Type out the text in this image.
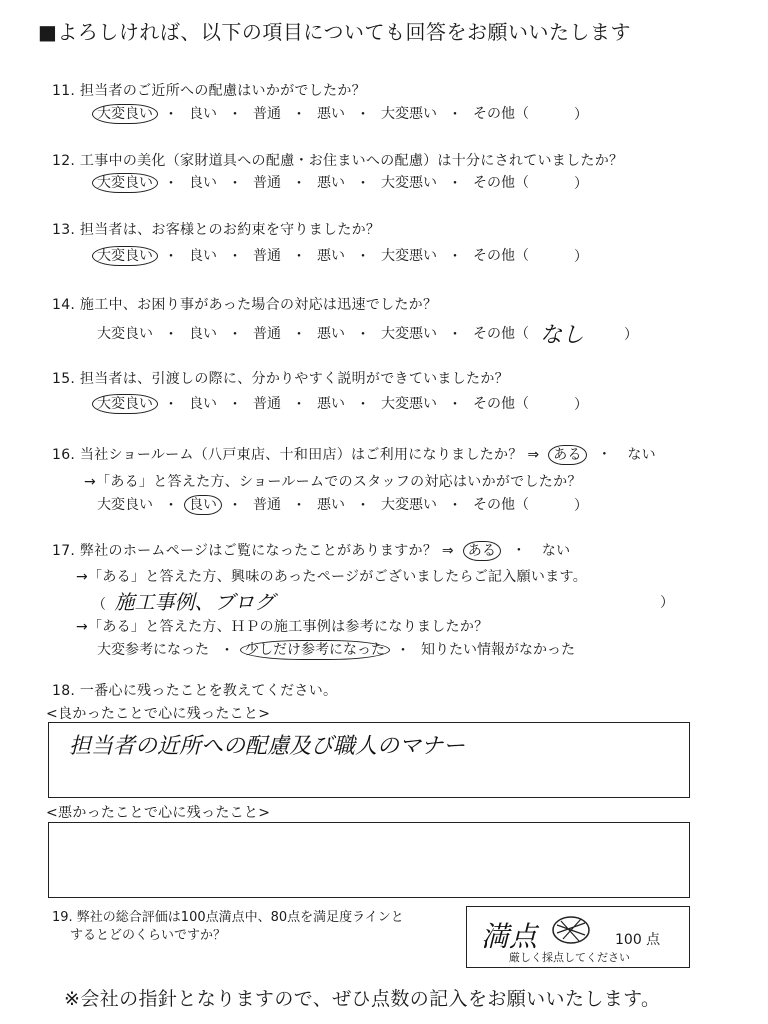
■よろしければ、以下の項目についても回答をお願いいたします
11. 担当者のご近所への配慮はいかがでしたか？
大変良い ・ 良い ・ 普通 ・ 悪い ・ 大変悪い ・ その他（	）
12. 工事中の美化（家財道具への配慮・お住まいへの配慮）は十分にされていましたか？
大変良い ・ 良い ・ 普通 ・ 悪い ・ 大変悪い ・ その他（	）
13. 担当者は、お客様とのお約束を守りましたか？
大変良い ・ 良い ・ 普通 ・ 悪い ・ 大変悪い ・ その他（	）
14. 施工中、お困り事があった場合の対応は迅速でしたか？
大変良い ・ 良い ・ 普通 ・ 悪い ・ 大変悪い ・ その他（ なし	）
15. 担当者は、引渡しの際に、分かりやすく説明ができていましたか？
大変良い ・ 良い ・ 普通 ・ 悪い ・ 大変悪い ・ その他（	）
16. 当社ショールーム（八戸東店、十和田店）はご利用になりましたか？ ⇒ ある ・ ない
→「ある」と答えた方、ショールームでのスタッフの対応はいかがでしたか？
大変良い ・ 良い ・ 普通 ・ 悪い ・ 大変悪い ・ その他（	）
17. 弊社のホームページはご覧になったことがありますか？ ⇒ ある ・ ない
→「ある」と答えた方、興味のあったページがございましたらご記入願います。
（ 施工事例、ブログ	）
→「ある」と答えた方、ＨＰの施工事例は参考になりましたか？
大変参考になった ・ 少しだけ参考になった ・ 知りたい情報がなかった
18. 一番心に残ったことを教えてください。
<良かったことで心に残ったこと>
担当者の近所への配慮及び職人のマナー
<悪かったことで心に残ったこと>
19. 弊社の総合評価は100点満点中、80点を満足度ラインと
するとどのくらいですか？	満点	100 点
厳しく採点してください
※会社の指針となりますので、ぜひ点数の記入をお願いいたします。
